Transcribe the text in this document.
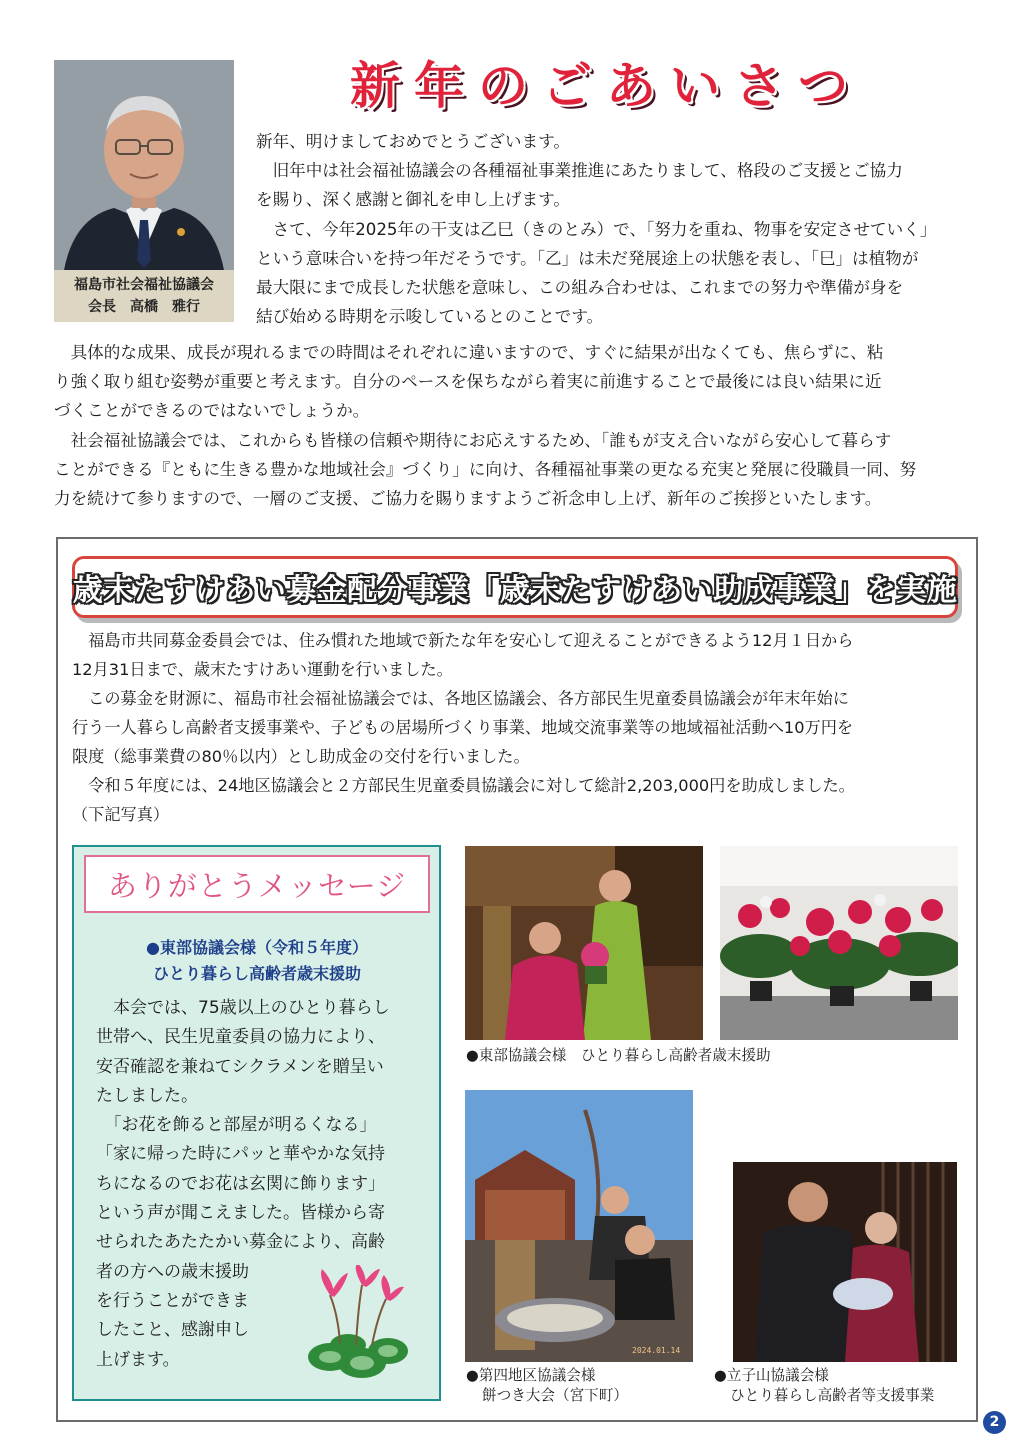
福島市社会福祉協議会
会長　高橋　雅行
新年のごあいさつ

新年、明けましておめでとうございます。

　旧年中は社会福祉協議会の各種福祉事業推進にあたりまして、格段のご支援とご協力

を賜り、深く感謝と御礼を申し上げます。

　さて、今年2025年の干支は乙巳（きのとみ）で、「努力を重ね、物事を安定させていく」

という意味合いを持つ年だそうです。「乙」は未だ発展途上の状態を表し、「巳」は植物が

最大限にまで成長した状態を意味し、この組み合わせは、これまでの努力や準備が身を

結び始める時期を示唆しているとのことです。

　具体的な成果、成長が現れるまでの時間はそれぞれに違いますので、すぐに結果が出なくても、焦らずに、粘

り強く取り組む姿勢が重要と考えます。自分のペースを保ちながら着実に前進することで最後には良い結果に近

づくことができるのではないでしょうか。

　社会福祉協議会では、これからも皆様の信頼や期待にお応えするため、「誰もが支え合いながら安心して暮らす

ことができる『ともに生きる豊かな地域社会』づくり」に向け、各種福祉事業の更なる充実と発展に役職員一同、努

力を続けて参りますので、一層のご支援、ご協力を賜りますようご祈念申し上げ、新年のご挨拶といたします。

歳末たすけあい募金配分事業「歳末たすけあい助成事業」を実施

　福島市共同募金委員会では、住み慣れた地域で新たな年を安心して迎えることができるよう12月１日から

12月31日まで、歳末たすけあい運動を行いました。

　この募金を財源に、福島市社会福祉協議会では、各地区協議会、各方部民生児童委員協議会が年末年始に

行う一人暮らし高齢者支援事業や、子どもの居場所づくり事業、地域交流事業等の地域福祉活動へ10万円を

限度（総事業費の80％以内）とし助成金の交付を行いました。

　令和５年度には、24地区協議会と２方部民生児童委員協議会に対して総計2,203,000円を助成しました。

（下記写真）

ありがとうメッセージ
●東部協議会様（令和５年度）
ひとり暮らし高齢者歳末援助

　本会では、75歳以上のひとり暮らし

世帯へ、民生児童委員の協力により、

安否確認を兼ねてシクラメンを贈呈い

たしました。

　「お花を飾ると部屋が明るくなる」

「家に帰った時にパッと華やかな気持

ちになるのでお花は玄関に飾ります」

という声が聞こえました。皆様から寄

せられたあたたかい募金により、高齢

者の方への歳末援助

を行うことができま

したこと、感謝申し

上げます。

●東部協議会様　ひとり暮らし高齢者歳末援助
●第四地区協議会様
餅つき大会（宮下町）
●立子山協議会様
ひとり暮らし高齢者等支援事業
2024.01.14
2
